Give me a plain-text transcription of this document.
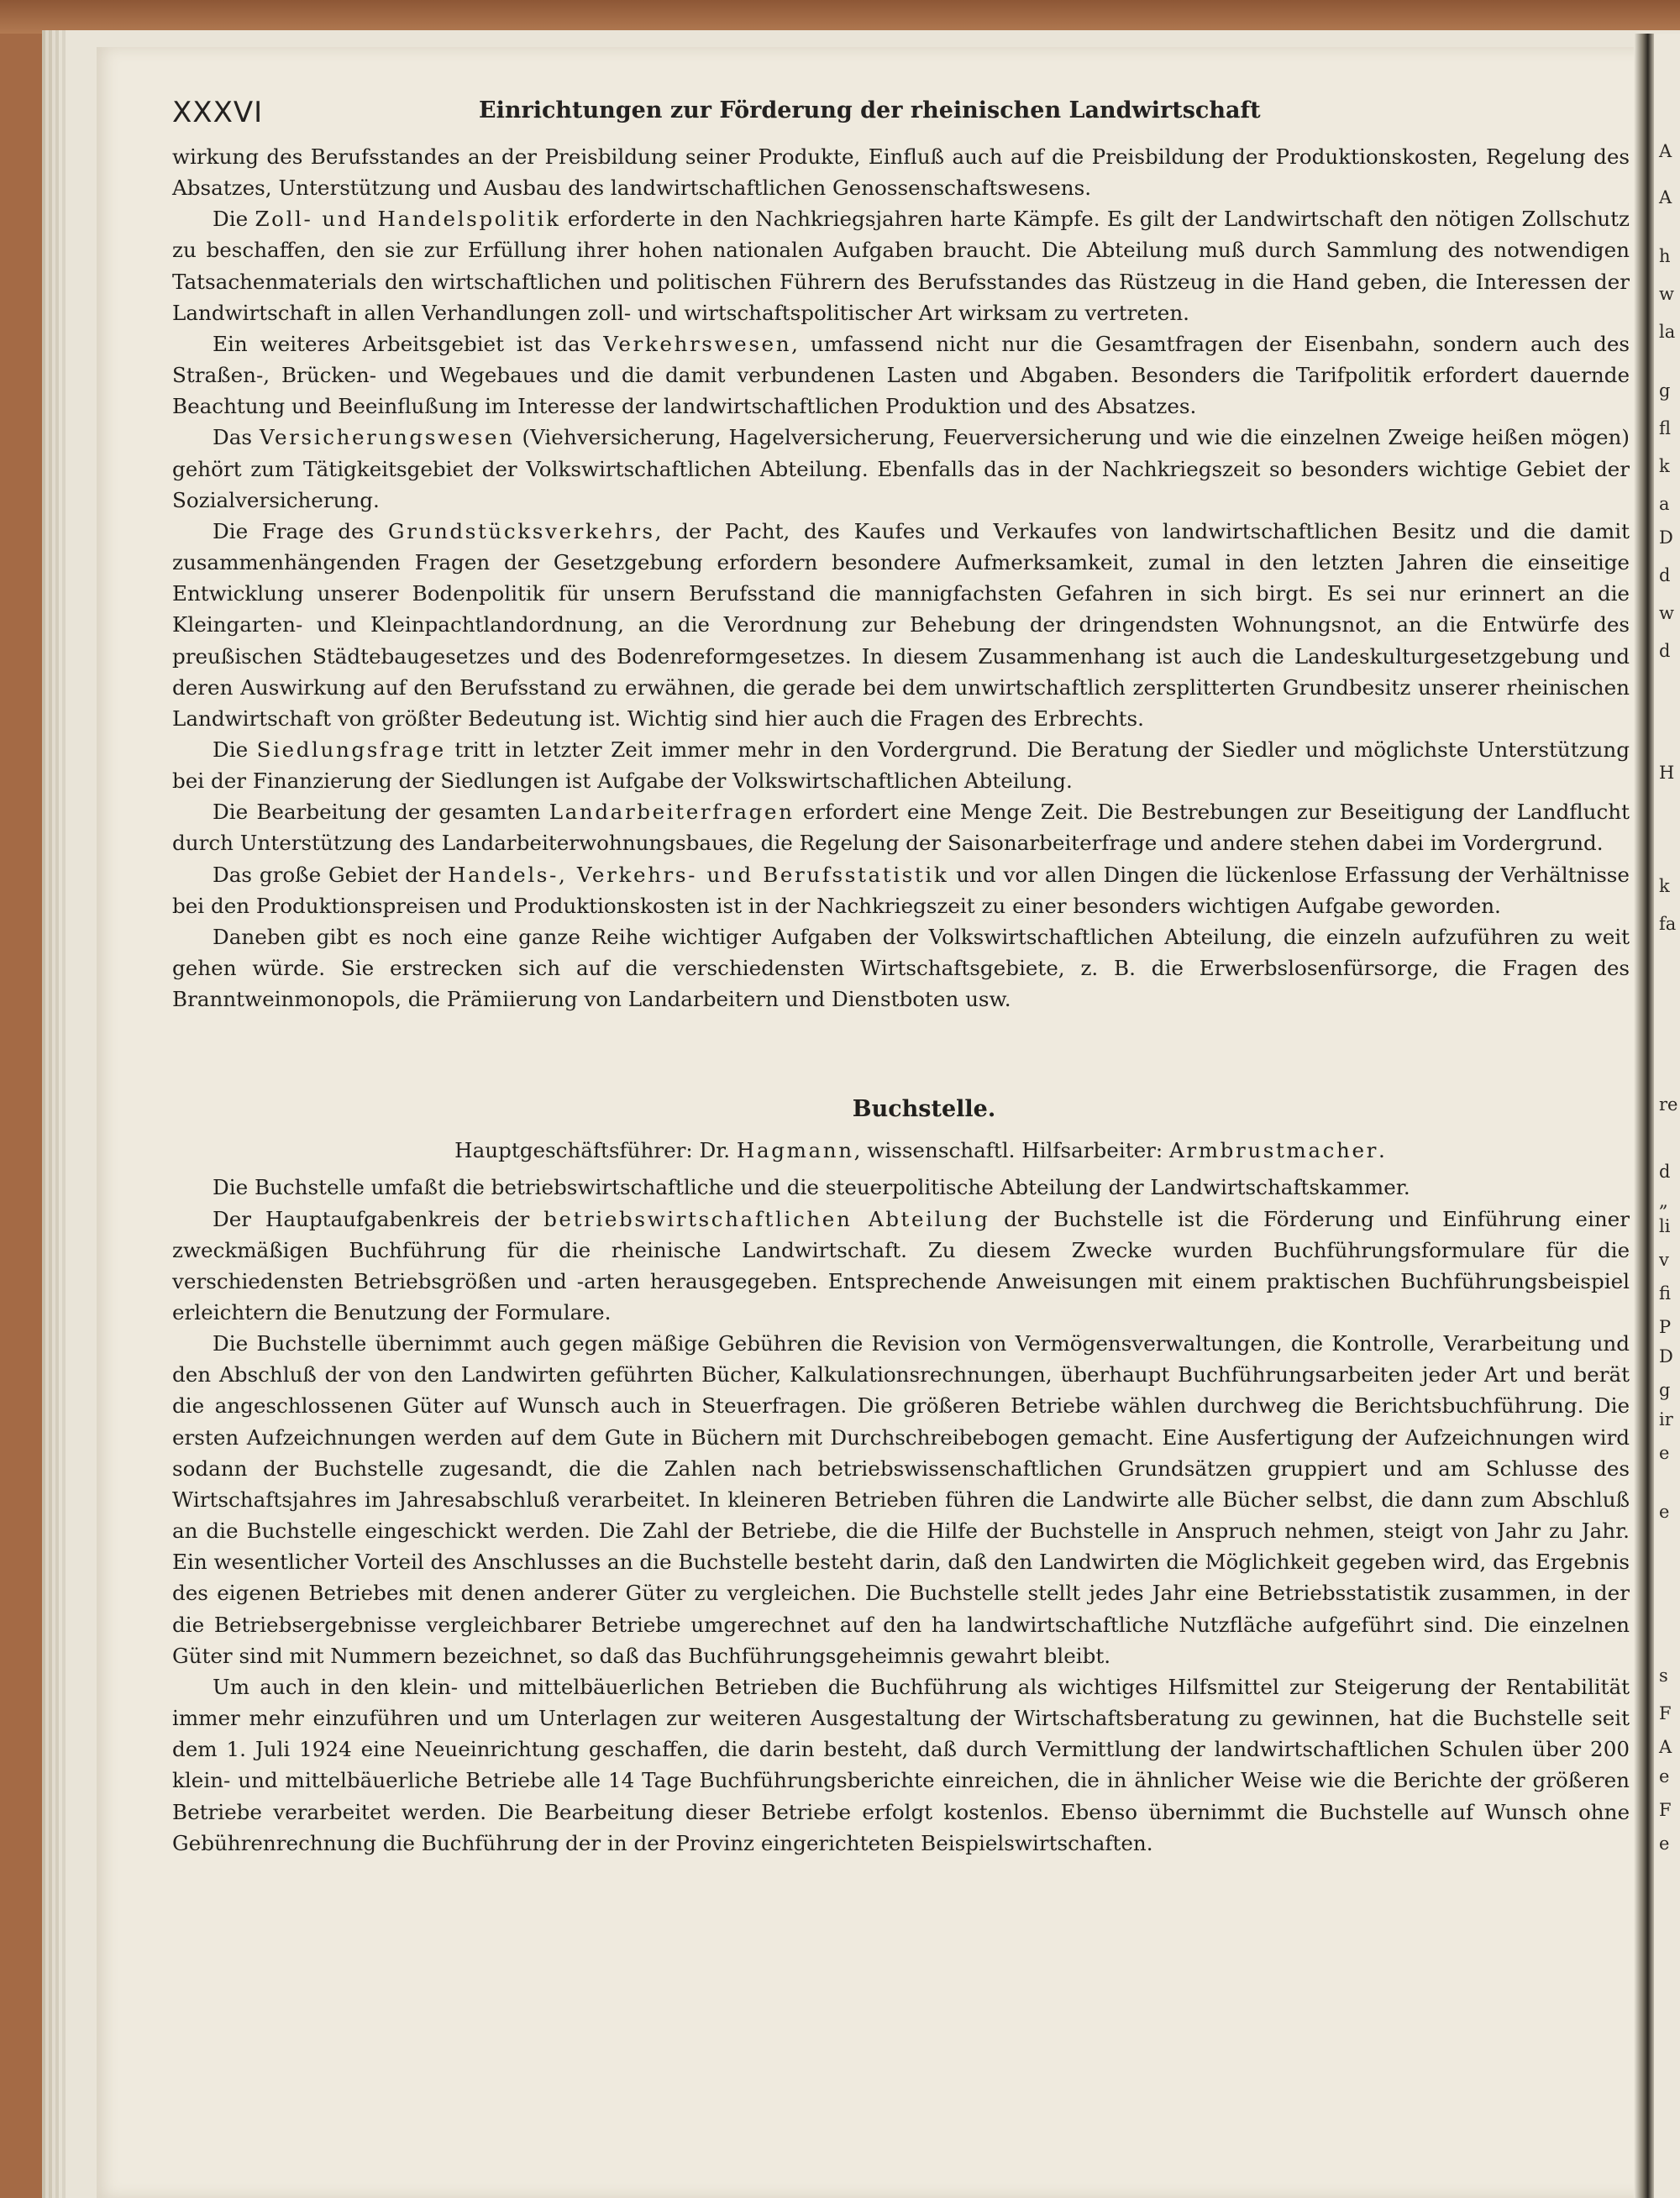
A
A
h
w
la
g
fl
k
a
D
d
w
d
H
k
fa
re
d
„
li
v
fi
P
D
g
ir
e
e
s
F
A
e
F
e
XXXVI	Einrichtungen zur Förderung der rheinischen Landwirtschaft

wirkung des Berufsstandes an der Preisbildung seiner Produkte, Einfluß auch auf die Preisbildung der Produktionskosten, Regelung des Absatzes, Unterstützung und Ausbau des landwirtschaftlichen Genossenschaftswesens.

Die Zoll- und Handelspolitik erforderte in den Nachkriegsjahren harte Kämpfe. Es gilt der Landwirtschaft den nötigen Zollschutz zu beschaffen, den sie zur Erfüllung ihrer hohen nationalen Aufgaben braucht. Die Abteilung muß durch Sammlung des notwendigen Tatsachenmaterials den wirtschaftlichen und politischen Führern des Berufsstandes das Rüstzeug in die Hand geben, die Interessen der Landwirtschaft in allen Verhandlungen zoll- und wirtschaftspolitischer Art wirksam zu vertreten.

Ein weiteres Arbeitsgebiet ist das Verkehrswesen, umfassend nicht nur die Gesamtfragen der Eisenbahn, sondern auch des Straßen-, Brücken- und Wegebaues und die damit verbundenen Lasten und Abgaben. Besonders die Tarifpolitik erfordert dauernde Beachtung und Beeinflußung im Interesse der landwirtschaftlichen Produktion und des Absatzes.

Das Versicherungswesen (Viehversicherung, Hagelversicherung, Feuerversicherung und wie die einzelnen Zweige heißen mögen) gehört zum Tätigkeitsgebiet der Volkswirtschaftlichen Abteilung. Ebenfalls das in der Nachkriegszeit so besonders wichtige Gebiet der Sozialversicherung.

Die Frage des Grundstücksverkehrs, der Pacht, des Kaufes und Verkaufes von landwirtschaftlichen Besitz und die damit zusammenhängenden Fragen der Gesetzgebung erfordern besondere Aufmerksamkeit, zumal in den letzten Jahren die einseitige Entwicklung unserer Bodenpolitik für unsern Berufsstand die mannigfachsten Gefahren in sich birgt. Es sei nur erinnert an die Kleingarten- und Kleinpachtlandordnung, an die Verordnung zur Behebung der dringendsten Wohnungsnot, an die Entwürfe des preußischen Städtebaugesetzes und des Bodenreformgesetzes. In diesem Zusammenhang ist auch die Landeskulturgesetzgebung und deren Auswirkung auf den Berufsstand zu erwähnen, die gerade bei dem unwirtschaftlich zersplitterten Grundbesitz unserer rheinischen Landwirtschaft von größter Bedeutung ist. Wichtig sind hier auch die Fragen des Erbrechts.

Die Siedlungsfrage tritt in letzter Zeit immer mehr in den Vordergrund. Die Beratung der Siedler und möglichste Unterstützung bei der Finanzierung der Siedlungen ist Aufgabe der Volkswirtschaftlichen Abteilung.

Die Bearbeitung der gesamten Landarbeiterfragen erfordert eine Menge Zeit. Die Bestrebungen zur Beseitigung der Landflucht durch Unterstützung des Landarbeiterwohnungsbaues, die Regelung der Saisonarbeiterfrage und andere stehen dabei im Vordergrund.

Das große Gebiet der Handels-, Verkehrs- und Berufsstatistik und vor allen Dingen die lückenlose Erfassung der Verhältnisse bei den Produktionspreisen und Produktionskosten ist in der Nachkriegszeit zu einer besonders wichtigen Aufgabe geworden.

Daneben gibt es noch eine ganze Reihe wichtiger Aufgaben der Volkswirtschaftlichen Abteilung, die einzeln aufzuführen zu weit gehen würde. Sie erstrecken sich auf die verschiedensten Wirtschaftsgebiete, z. B. die Erwerbslosenfürsorge, die Fragen des Branntweinmonopols, die Prämiierung von Landarbeitern und Dienstboten usw.

Buchstelle.

Hauptgeschäftsführer: Dr. Hagmann, wissenschaftl. Hilfsarbeiter: Armbrustmacher.

Die Buchstelle umfaßt die betriebswirtschaftliche und die steuerpolitische Abteilung der Landwirtschaftskammer.

Der Hauptaufgabenkreis der betriebswirtschaftlichen Abteilung der Buchstelle ist die Förderung und Einführung einer zweckmäßigen Buchführung für die rheinische Landwirtschaft. Zu diesem Zwecke wurden Buchführungsformulare für die verschiedensten Betriebsgrößen und -arten herausgegeben. Entsprechende Anweisungen mit einem praktischen Buchführungsbeispiel erleichtern die Benutzung der Formulare.

Die Buchstelle übernimmt auch gegen mäßige Gebühren die Revision von Vermögensverwaltungen, die Kontrolle, Verarbeitung und den Abschluß der von den Landwirten geführten Bücher, Kalkulationsrechnungen, überhaupt Buchführungsarbeiten jeder Art und berät die angeschlossenen Güter auf Wunsch auch in Steuerfragen. Die größeren Betriebe wählen durchweg die Berichtsbuchführung. Die ersten Aufzeichnungen werden auf dem Gute in Büchern mit Durchschreibebogen gemacht. Eine Ausfertigung der Aufzeichnungen wird sodann der Buchstelle zugesandt, die die Zahlen nach betriebswissenschaftlichen Grundsätzen gruppiert und am Schlusse des Wirtschaftsjahres im Jahresabschluß verarbeitet. In kleineren Betrieben führen die Landwirte alle Bücher selbst, die dann zum Abschluß an die Buchstelle eingeschickt werden. Die Zahl der Betriebe, die die Hilfe der Buchstelle in Anspruch nehmen, steigt von Jahr zu Jahr. Ein wesentlicher Vorteil des Anschlusses an die Buchstelle besteht darin, daß den Landwirten die Möglichkeit gegeben wird, das Ergebnis des eigenen Betriebes mit denen anderer Güter zu vergleichen. Die Buchstelle stellt jedes Jahr eine Betriebsstatistik zusammen, in der die Betriebsergebnisse vergleichbarer Betriebe umgerechnet auf den ha landwirtschaftliche Nutzfläche aufgeführt sind. Die einzelnen Güter sind mit Nummern bezeichnet, so daß das Buchführungsgeheimnis gewahrt bleibt.

Um auch in den klein- und mittelbäuerlichen Betrieben die Buchführung als wichtiges Hilfsmittel zur Steigerung der Rentabilität immer mehr einzuführen und um Unterlagen zur weiteren Ausgestaltung der Wirtschaftsberatung zu gewinnen, hat die Buchstelle seit dem 1. Juli 1924 eine Neueinrichtung geschaffen, die darin besteht, daß durch Vermittlung der landwirtschaftlichen Schulen über 200 klein- und mittelbäuerliche Betriebe alle 14 Tage Buchführungsberichte einreichen, die in ähnlicher Weise wie die Berichte der größeren Betriebe verarbeitet werden. Die Bearbeitung dieser Betriebe erfolgt kostenlos. Ebenso übernimmt die Buchstelle auf Wunsch ohne Gebührenrechnung die Buchführung der in der Provinz eingerichteten Beispielswirtschaften.
